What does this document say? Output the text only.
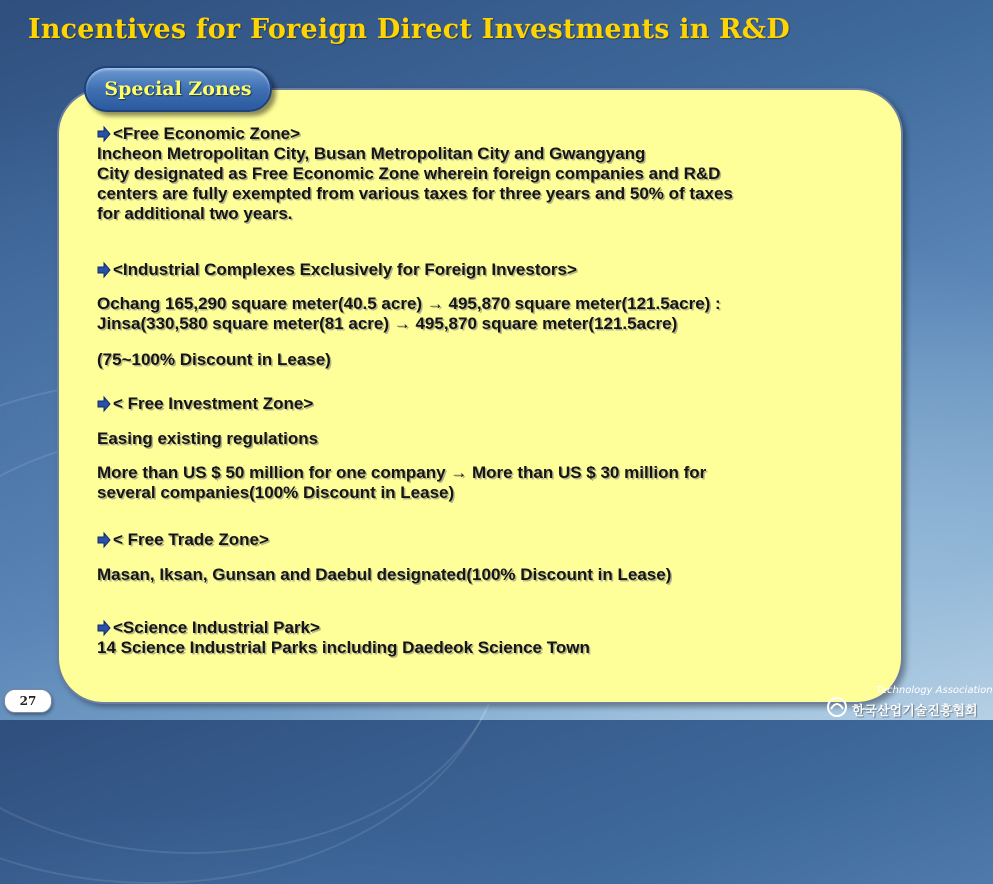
Incentives for Foreign Direct Investments in R&D
Special Zones
<Free Economic Zone>
Incheon Metropolitan City, Busan Metropolitan City and Gwangyang
City designated as Free Economic Zone wherein foreign companies and R&D
centers are fully exempted from various taxes for three years and 50% of taxes
for additional two years.
<Industrial Complexes Exclusively for Foreign Investors>
Ochang 165,290 square meter(40.5 acre) → 495,870 square meter(121.5acre) :
Jinsa(330,580 square meter(81 acre) → 495,870 square meter(121.5acre)
(75~100% Discount in Lease)
< Free Investment Zone>
Easing existing regulations
More than US $ 50 million for one company → More than US $ 30 million for
several companies(100% Discount in Lease)
< Free Trade Zone>
Masan, Iksan, Gunsan and Daebul designated(100% Discount in Lease)
<Science Industrial Park>
14 Science Industrial Parks including Daedeok Science Town
27
Technology Association
한국산업기술진흥협회
